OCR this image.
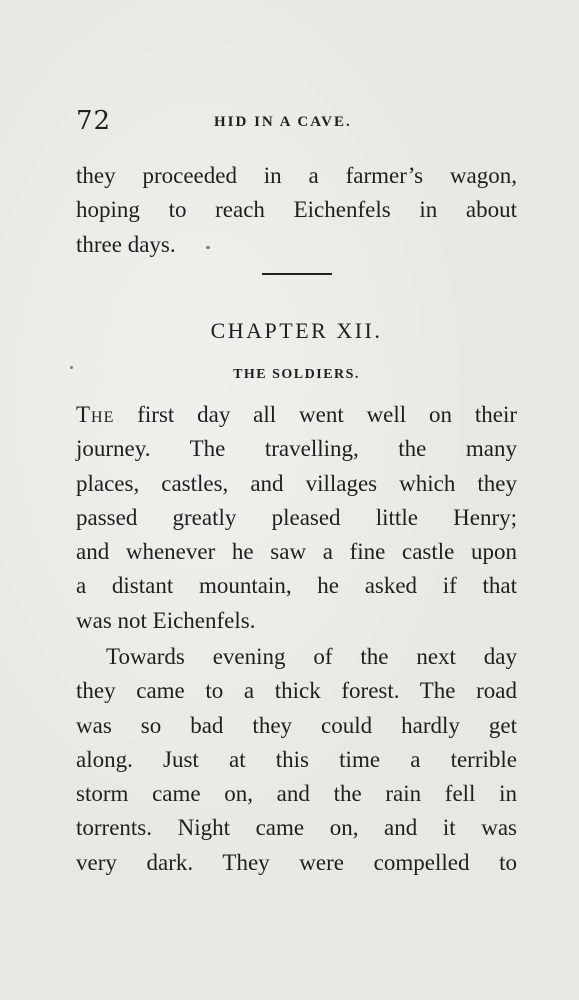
72	HID IN A CAVE.
they proceeded in a farmer’s wagon,
hoping to reach Eichenfels in about
three days.
CHAPTER XII.
THE SOLDIERS.
The first day all went well on their
journey. The travelling, the many
places, castles, and villages which they
passed greatly pleased little Henry;
and whenever he saw a fine castle upon
a distant mountain, he asked if that
was not Eichenfels.
Towards evening of the next day
they came to a thick forest. The road
was so bad they could hardly get
along. Just at this time a terrible
storm came on, and the rain fell in
torrents. Night came on, and it was
very dark. They were compelled to
